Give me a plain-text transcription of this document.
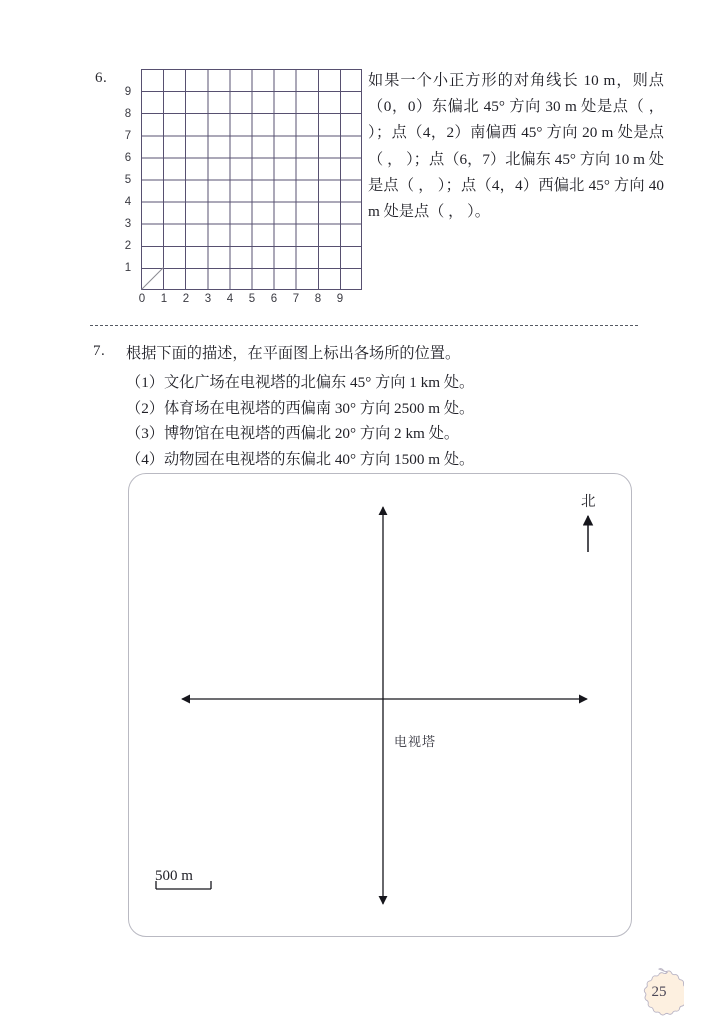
6.
1
2
3
4
5
6
7
8
9
0	1	2	3	4	5	6	7	8	9
如果一个小正方形的对角线长 10 m，则点（0，0）东偏北 45° 方向 30 m 处是点（ ， ）；点（4，2）南偏西 45° 方向 20 m 处是点（ ， ）；点（6，7）北偏东 45° 方向 10 m 处是点（ ， ）；点（4，4）西偏北 45° 方向 40 m 处是点（ ， ）。
7. 根据下面的描述，在平面图上标出各场所的位置。
（1）文化广场在电视塔的北偏东 45° 方向 1 km 处。
（2）体育场在电视塔的西偏南 30° 方向 2500 m 处。
（3）博物馆在电视塔的西偏北 20° 方向 2 km 处。
（4）动物园在电视塔的东偏北 40° 方向 1500 m 处。
北
电视塔
500 m
25
